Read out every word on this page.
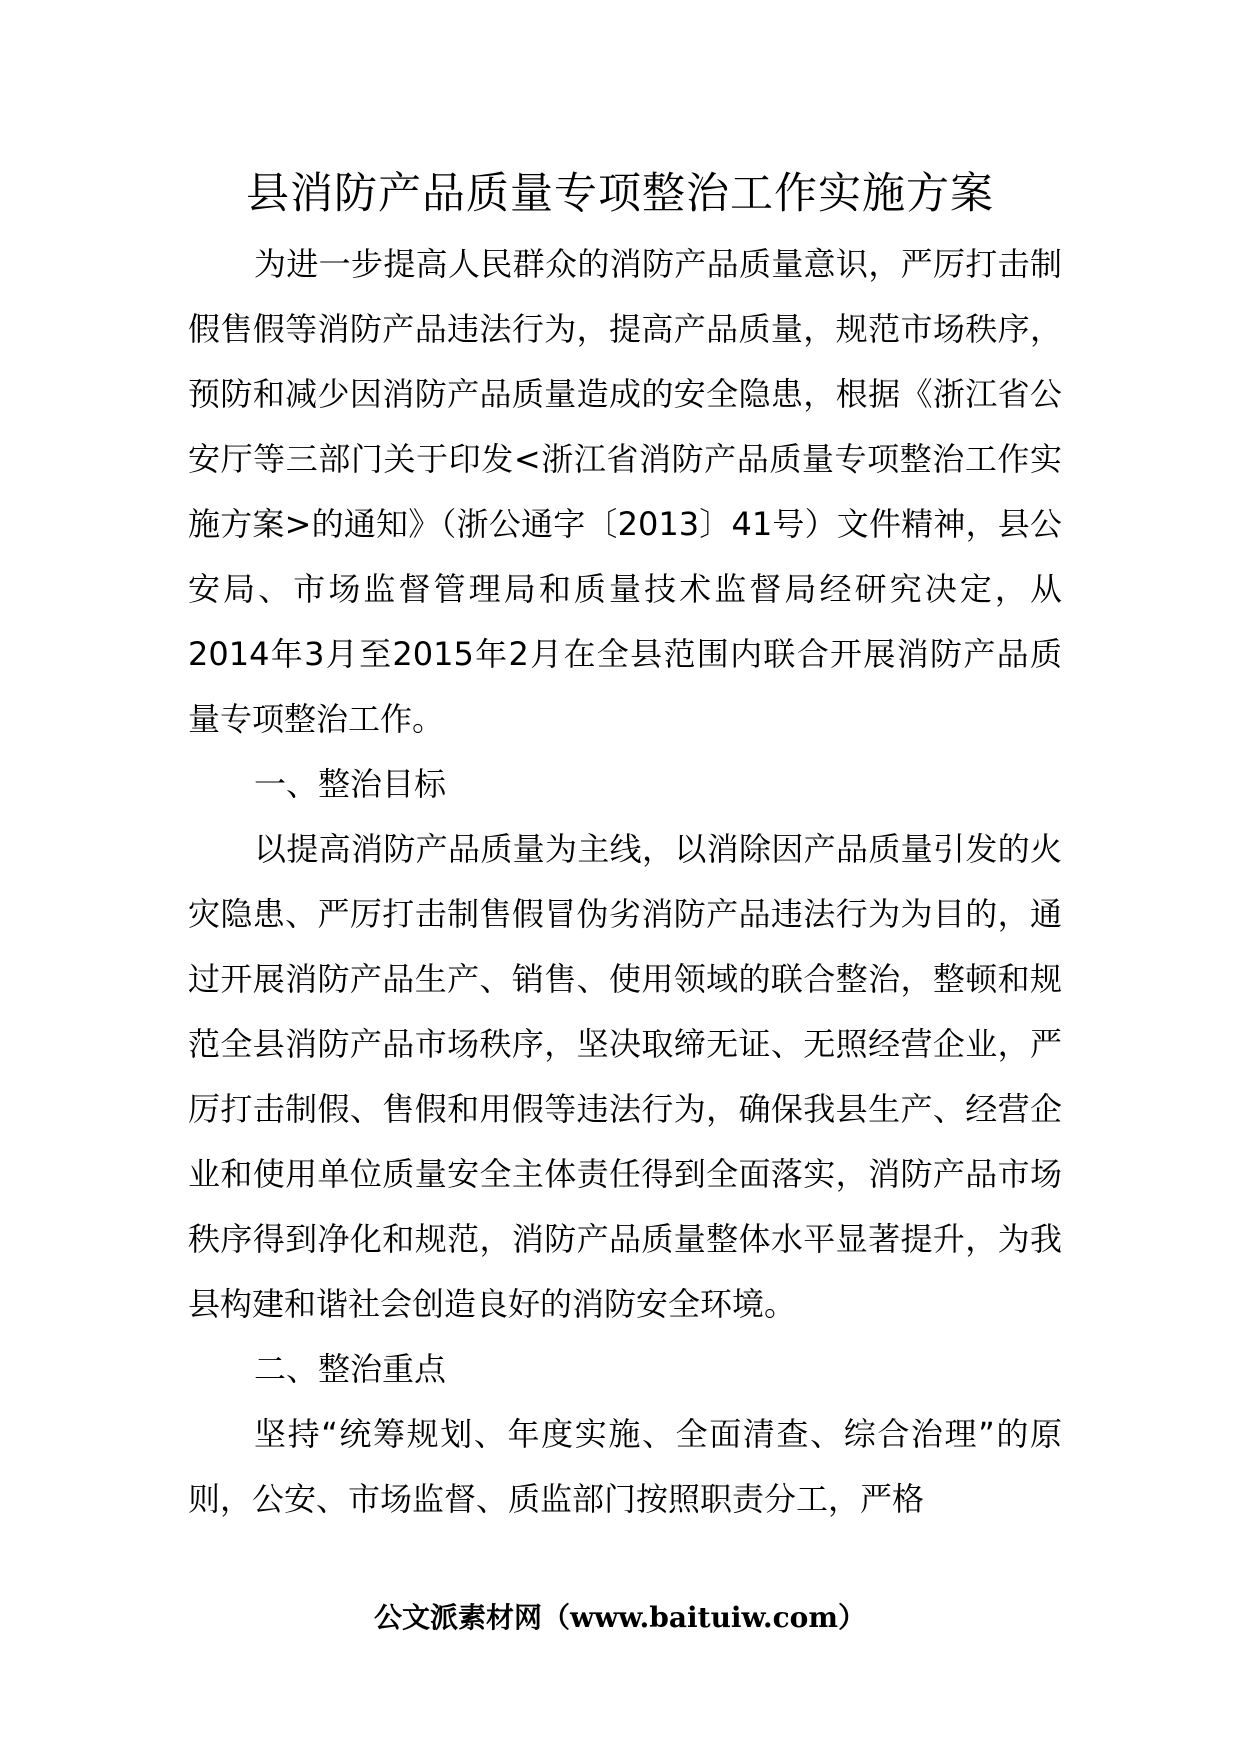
县消防产品质量专项整治工作实施方案

为进一步提高人民群众的消防产品质量意识，严厉打击制假售假等消防产品违法行为，提高产品质量，规范市场秩序，预防和减少因消防产品质量造成的安全隐患，根据《浙江省公安厅等三部门关于印发<浙江省消防产品质量专项整治工作实施方案>的通知》（浙公通字〔2013〕41号）文件精神，县公安局、市场监督管理局和质量技术监督局经研究决定，从2014年3月至2015年2月在全县范围内联合开展消防产品质量专项整治工作。

一、整治目标

以提高消防产品质量为主线，以消除因产品质量引发的火灾隐患、严厉打击制售假冒伪劣消防产品违法行为为目的，通过开展消防产品生产、销售、使用领域的联合整治，整顿和规范全县消防产品市场秩序，坚决取缔无证、无照经营企业，严厉打击制假、售假和用假等违法行为，确保我县生产、经营企业和使用单位质量安全主体责任得到全面落实，消防产品市场秩序得到净化和规范，消防产品质量整体水平显著提升，为我县构建和谐社会创造良好的消防安全环境。

二、整治重点

坚持“统筹规划、年度实施、全面清查、综合治理”的原则，公安、市场监督、质监部门按照职责分工，严格

公文派素材网（www.baituiw.com）
